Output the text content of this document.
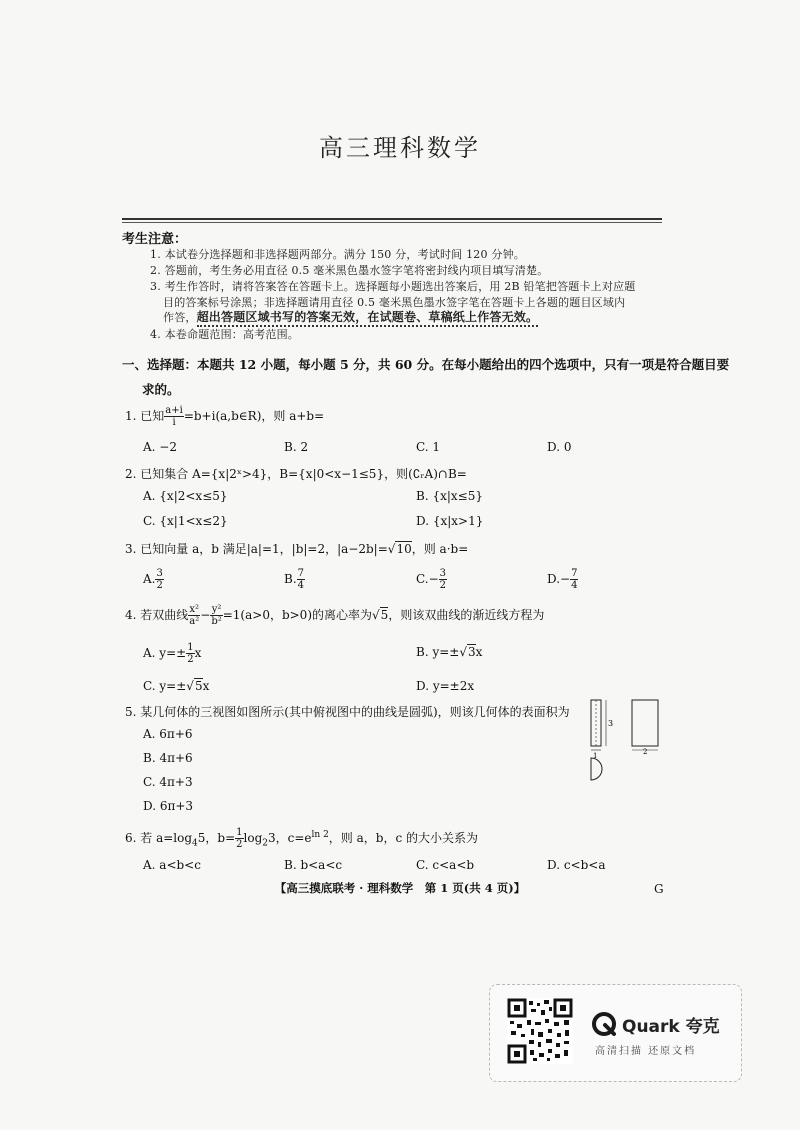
高三理科数学
考生注意：
1. 本试卷分选择题和非选择题两部分。满分 150 分，考试时间 120 分钟。
2. 答题前，考生务必用直径 0.5 毫米黑色墨水签字笔将密封线内项目填写清楚。
3. 考生作答时，请将答案答在答题卡上。选择题每小题选出答案后，用 2B 铅笔把答题卡上对应题
目的答案标号涂黑；非选择题请用直径 0.5 毫米黑色墨水签字笔在答题卡上各题的题目区域内
作答，超出答题区域书写的答案无效，在试题卷、草稿纸上作答无效。
4. 本卷命题范围：高考范围。
一、选择题：本题共 12 小题，每小题 5 分，共 60 分。在每小题给出的四个选项中，只有一项是符合题目要
求的。
1. 已知 $\frac{a+i}{i}$ =b+i(a,b∈R)，则 a+b=
A. −2	B. 2	C. 1	D. 0
2. 已知集合 A={x|2ˣ>4}，B={x|0<x−1≤5}，则(∁ᵣA)∩B=
A. {x|2<x≤5}	B. {x|x≤5}
C. {x|1<x≤2}	D. {x|x>1}
3. 已知向量 a，b 满足|a|=1，|b|=2，|a−2b|=√10，则 a·b=
A. $\frac{3}{2}$	B. $\frac{7}{4}$	$C.- \frac{3}{2}$	$D.- \frac{7}{4}$
4. 若双曲线 $\frac{\text{x²}}{\text{a²}} - \frac{\text{y²}}{\text{b²}} =1(a>0$，b>0)的离心率为√5，则该双曲线的渐近线方程为
A. $y=\pm \frac{1}{2}$ x	B. y=±√3x
C. y=±√5x	D. y=±2x
5. 某几何体的三视图如图所示(其中俯视图中的曲线是圆弧)，则该几何体的表面积为
A. 6π+6
B. 4π+6
C. 4π+3
D. 6π+3
3
1	2
6. 若 $a=\log_45$，$b= \frac{1}{2} \log_23$，$c=e^{ln 2}$，则 a，b，c 的大小关系为
A. a<b<c	B. b<a<c	C. c<a<b	D. c<b<a
【高三摸底联考 · 理科数学　第 1 页(共 4 页)】	G
Quark 夸克
高清扫描 还原文档
